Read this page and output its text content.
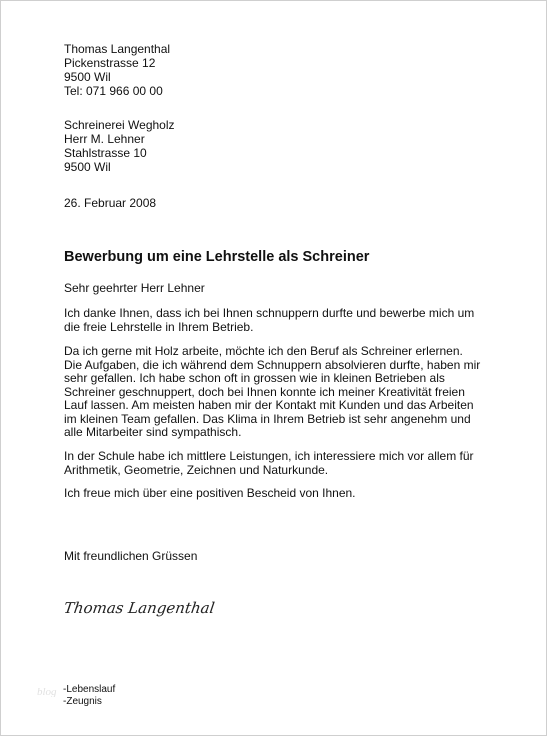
Thomas Langenthal
Pickenstrasse 12
9500 Wil
Tel: 071 966 00 00
Schreinerei Wegholz
Herr M. Lehner
Stahlstrasse 10
9500 Wil
26. Februar 2008
Bewerbung um eine Lehrstelle als Schreiner
Sehr geehrter Herr Lehner
Ich danke Ihnen, dass ich bei Ihnen schnuppern durfte und bewerbe mich um die freie Lehrstelle in Ihrem Betrieb.
Da ich gerne mit Holz arbeite, möchte ich den Beruf als Schreiner erlernen. Die Aufgaben, die ich während dem Schnuppern absolvieren durfte, haben mir sehr gefallen. Ich habe schon oft in grossen wie in kleinen Betrieben als Schreiner geschnuppert, doch bei Ihnen konnte ich meiner Kreativität freien Lauf lassen. Am meisten haben mir der Kontakt mit Kunden und das Arbeiten im kleinen Team gefallen. Das Klima in Ihrem Betrieb ist sehr angenehm und alle Mitarbeiter sind sympathisch.
In der Schule habe ich mittlere Leistungen, ich interessiere mich vor allem für Arithmetik, Geometrie, Zeichnen und Naturkunde.
Ich freue mich über eine positiven Bescheid von Ihnen.
Mit freundlichen Grüssen
Thomas Langenthal
blog -Lebenslauf
-Zeugnis
